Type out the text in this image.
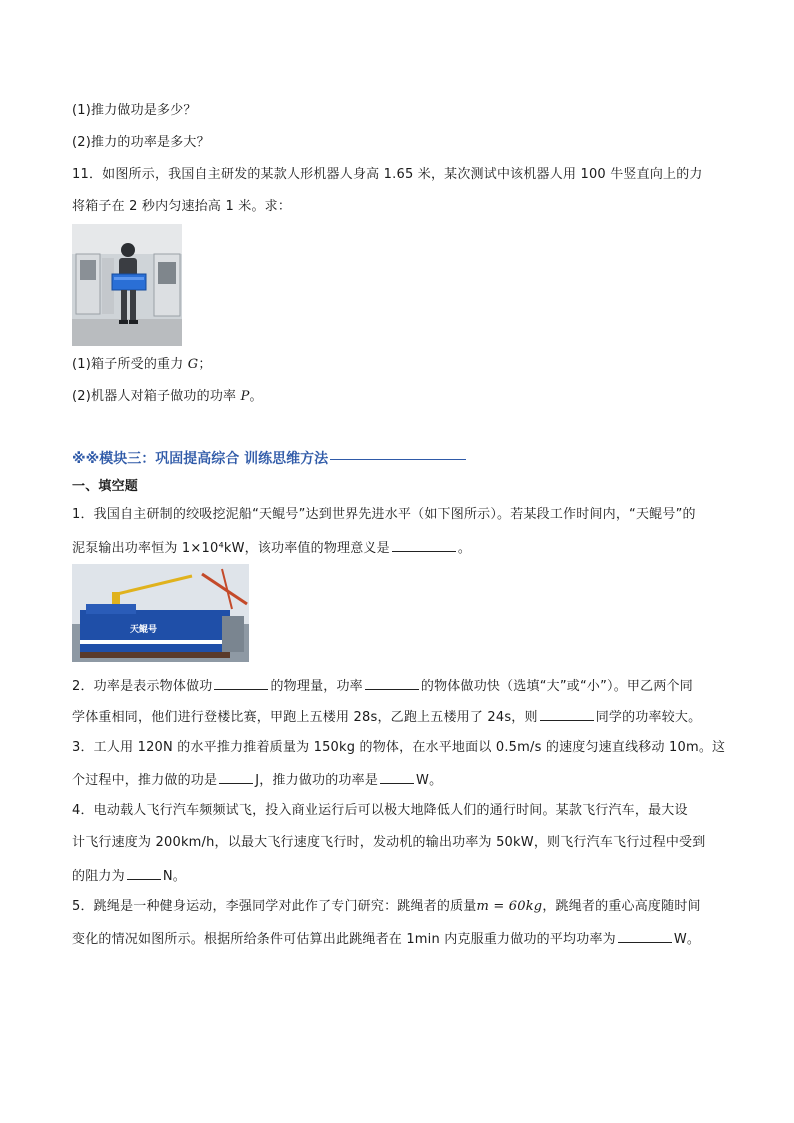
(1)推力做功是多少？
(2)推力的功率是多大？
11．如图所示，我国自主研发的某款人形机器人身高 1.65 米，某次测试中该机器人用 100 牛竖直向上的力
将箱子在 2 秒内匀速抬高 1 米。求：
(1)箱子所受的重力 G；
(2)机器人对箱子做功的功率 P。
※※模块三：巩固提高综合 训练思维方法
一、填空题
1．我国自主研制的绞吸挖泥船“天鲲号”达到世界先进水平（如下图所示）。若某段工作时间内，“天鲲号”的
泥泵输出功率恒为 1×10⁴kW，该功率值的物理意义是	。
天鲲号
2．功率是表示物体做功	的物理量，功率	的物体做功快（选填“大”或“小”）。甲乙两个同
学体重相同，他们进行登楼比赛，甲跑上五楼用 28s，乙跑上五楼用了 24s，则	同学的功率较大。
3．工人用 120N 的水平推力推着质量为 150kg 的物体，在水平地面以 0.5m/s 的速度匀速直线移动 10m。这
个过程中，推力做的功是	J，推力做功的功率是	W。
4．电动载人飞行汽车频频试飞，投入商业运行后可以极大地降低人们的通行时间。某款飞行汽车，最大设
计飞行速度为 200km/h，以最大飞行速度飞行时，发动机的输出功率为 50kW，则飞行汽车飞行过程中受到
的阻力为	N。
5．跳绳是一种健身运动，李强同学对此作了专门研究：跳绳者的质量m = 60kg，跳绳者的重心高度随时间
变化的情况如图所示。根据所给条件可估算出此跳绳者在 1min 内克服重力做功的平均功率为	W。
